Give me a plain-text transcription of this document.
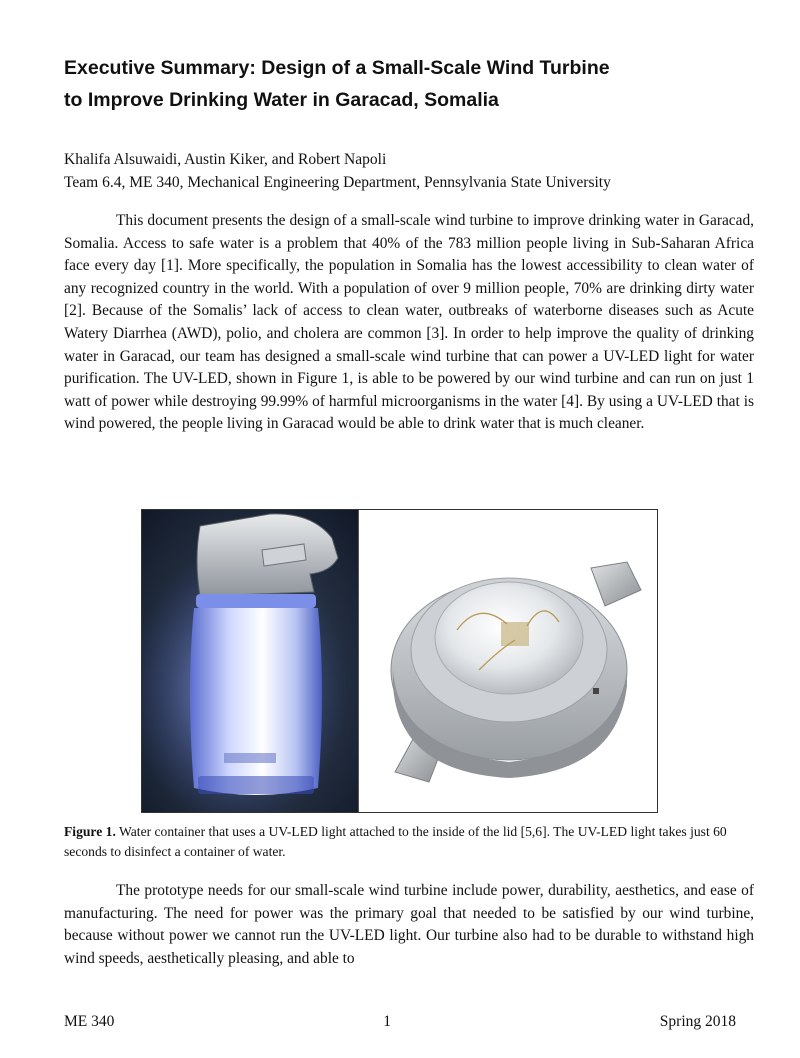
Executive Summary: Design of a Small-Scale Wind Turbine
to Improve Drinking Water in Garacad, Somalia
Khalifa Alsuwaidi, Austin Kiker, and Robert Napoli
Team 6.4, ME 340, Mechanical Engineering Department, Pennsylvania State University

This document presents the design of a small-scale wind turbine to improve drinking water in Garacad, Somalia. Access to safe water is a problem that 40% of the 783 million people living in Sub-Saharan Africa face every day [1]. More specifically, the population in Somalia has the lowest accessibility to clean water of any recognized country in the world. With a population of over 9 million people, 70% are drinking dirty water [2]. Because of the Somalis’ lack of access to clean water, outbreaks of waterborne diseases such as Acute Watery Diarrhea (AWD), polio, and cholera are common [3]. In order to help improve the quality of drinking water in Garacad, our team has designed a small-scale wind turbine that can power a UV-LED light for water purification. The UV-LED, shown in Figure 1, is able to be powered by our wind turbine and can run on just 1 watt of power while destroying 99.99% of harmful microorganisms in the water [4]. By using a UV-LED that is wind powered, the people living in Garacad would be able to drink water that is much cleaner.

Figure 1. Water container that uses a UV-LED light attached to the inside of the lid [5,6]. The UV-LED light takes just 60 seconds to disinfect a container of water.

The prototype needs for our small-scale wind turbine include power, durability, aesthetics, and ease of manufacturing. The need for power was the primary goal that needed to be satisfied by our wind turbine, because without power we cannot run the UV-LED light. Our turbine also had to be durable to withstand high wind speeds, aesthetically pleasing, and able to

ME 340	1	Spring 2018
